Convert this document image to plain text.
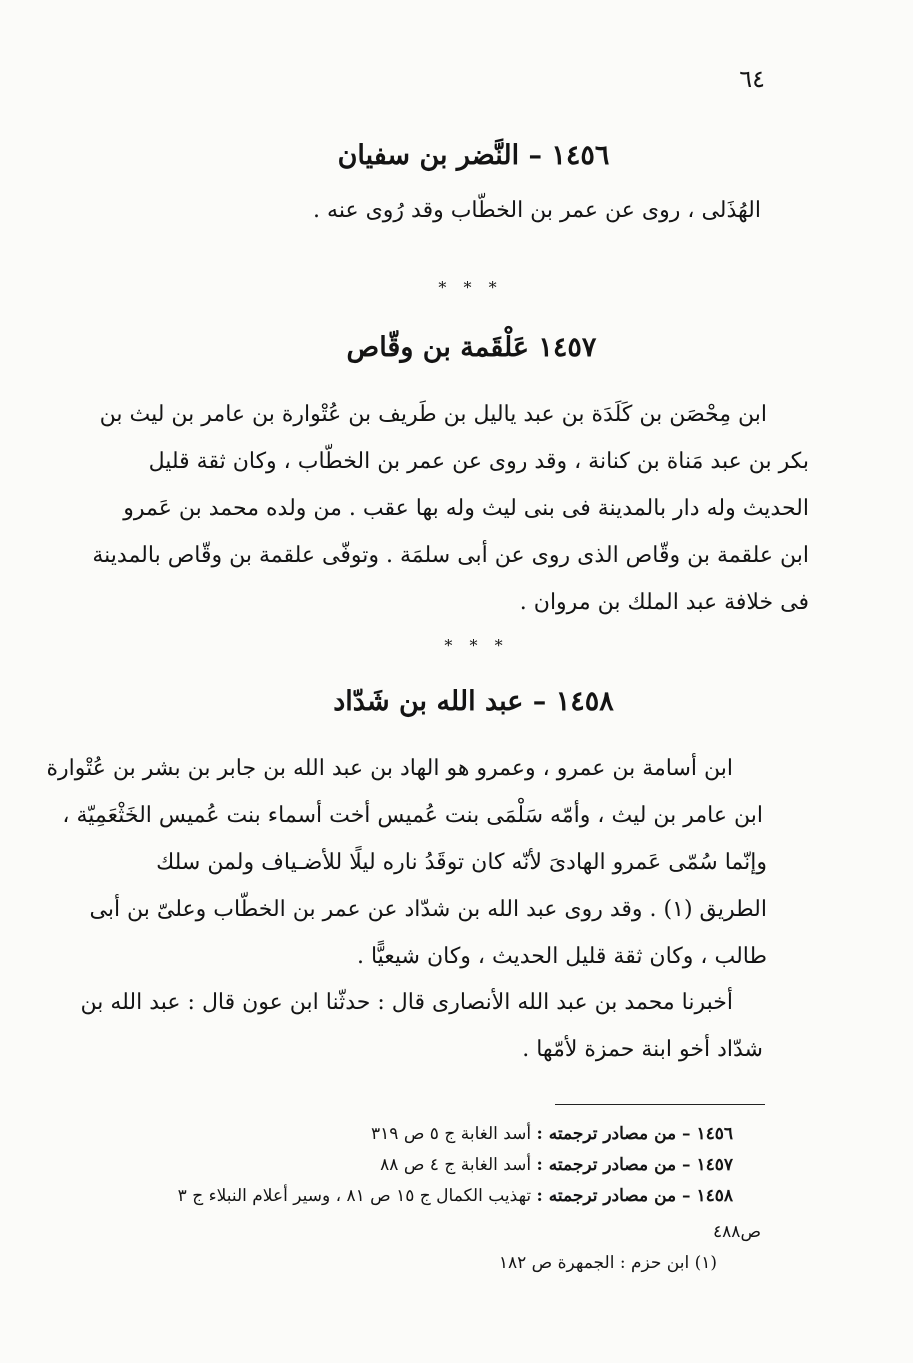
٦٤
١٤٥٦ – النَّضر بن سفيان
الهُذَلى ، روى عن عمر بن الخطّاب وقد رُوى عنه .
* * *
١٤٥٧ عَلْقَمة بن وقّاص
ابن مِحْصَن بن كَلَدَة بن عبد ياليل بن طَريف بن عُتْوارة بن عامر بن ليث بن
بكر بن عبد مَناة بن كنانة ، وقد روى عن عمر بن الخطّاب ، وكان ثقة قليل
الحديث وله دار بالمدينة فى بنى ليث وله بها عقب . من ولده محمد بن عَمرو
ابن علقمة بن وقّاص الذى روى عن أبى سلمَة . وتوفّى علقمة بن وقّاص بالمدينة
فى خلافة عبد الملك بن مروان .
* * *
١٤٥٨ – عبد الله بن شَدّاد
ابن أسامة بن عمرو ، وعمرو هو الهاد بن عبد الله بن جابر بن بشر بن عُتْوارة
ابن عامر بن ليث ، وأمّه سَلْمَى بنت عُميس أخت أسماء بنت عُميس الخَثْعَمِيّة ،
وإنّما سُمّى عَمرو الهادىَ لأنّه كان توقَدُ ناره ليلًا للأضـياف ولمن سلك
الطريق (١) . وقد روى عبد الله بن شدّاد عن عمر بن الخطّاب وعلىّ بن أبى
طالب ، وكان ثقة قليل الحديث ، وكان شيعيًّا .
أخبرنا محمد بن عبد الله الأنصارى قال : حدثّنا ابن عون قال : عبد الله بن
شدّاد أخو ابنة حمزة لأمّها .
١٤٥٦ – من مصادر ترجمته : أسد الغابة ج ٥ ص ٣١٩
١٤٥٧ – من مصادر ترجمته : أسد الغابة ج ٤ ص ٨٨
١٤٥٨ – من مصادر ترجمته : تهذيب الكمال ج ١٥ ص ٨١ ، وسير أعلام النبلاء ج ٣
ص٤٨٨
(١) ابن حزم : الجمهرة ص ١٨٢
